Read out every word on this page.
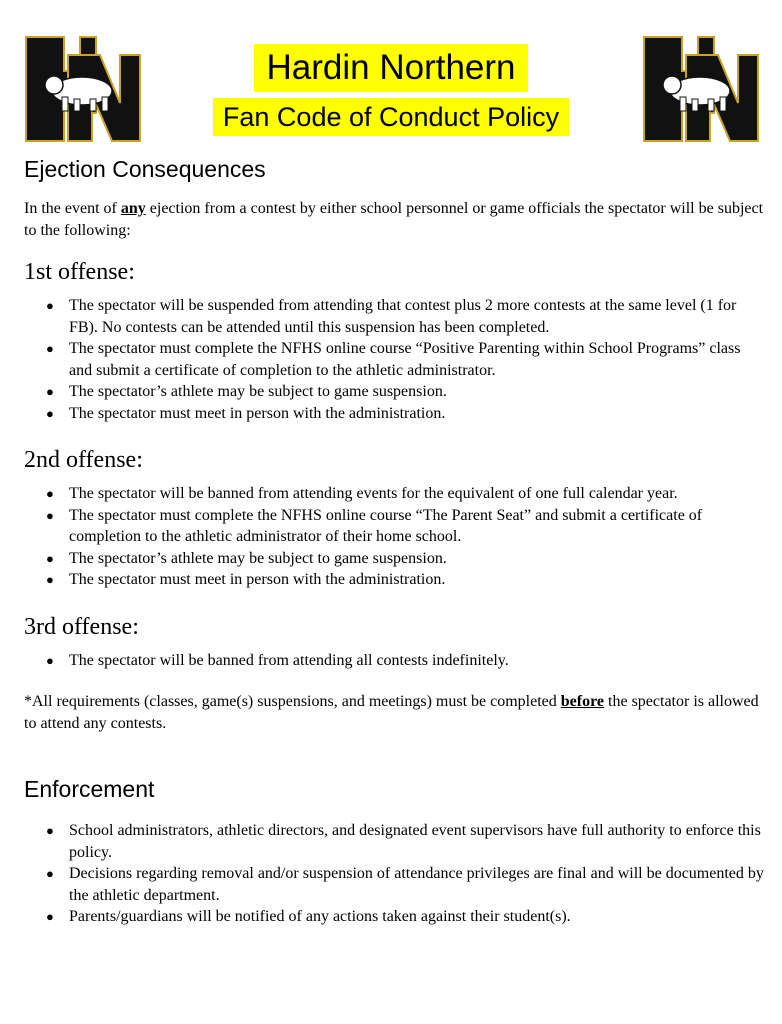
Hardin Northern
Fan Code of Conduct Policy
Ejection Consequences

In the event of any ejection from a contest by either school personnel or game officials the spectator will be subject to the following:

1st offense:
● The spectator will be suspended from attending that contest plus 2 more contests at the same level (1 for FB). No contests can be attended until this suspension has been completed.
● The spectator must complete the NFHS online course “Positive Parenting within School Programs” class and submit a certificate of completion to the athletic administrator.
● The spectator’s athlete may be subject to game suspension.
● The spectator must meet in person with the administration.
2nd offense:
● The spectator will be banned from attending events for the equivalent of one full calendar year.
● The spectator must complete the NFHS online course “The Parent Seat” and submit a certificate of completion to the athletic administrator of their home school.
● The spectator’s athlete may be subject to game suspension.
● The spectator must meet in person with the administration.
3rd offense:
● The spectator will be banned from attending all contests indefinitely.

*All requirements (classes, game(s) suspensions, and meetings) must be completed before the spectator is allowed to attend any contests.

Enforcement
● School administrators, athletic directors, and designated event supervisors have full authority to enforce this policy.
● Decisions regarding removal and/or suspension of attendance privileges are final and will be documented by the athletic department.
● Parents/guardians will be notified of any actions taken against their student(s).
